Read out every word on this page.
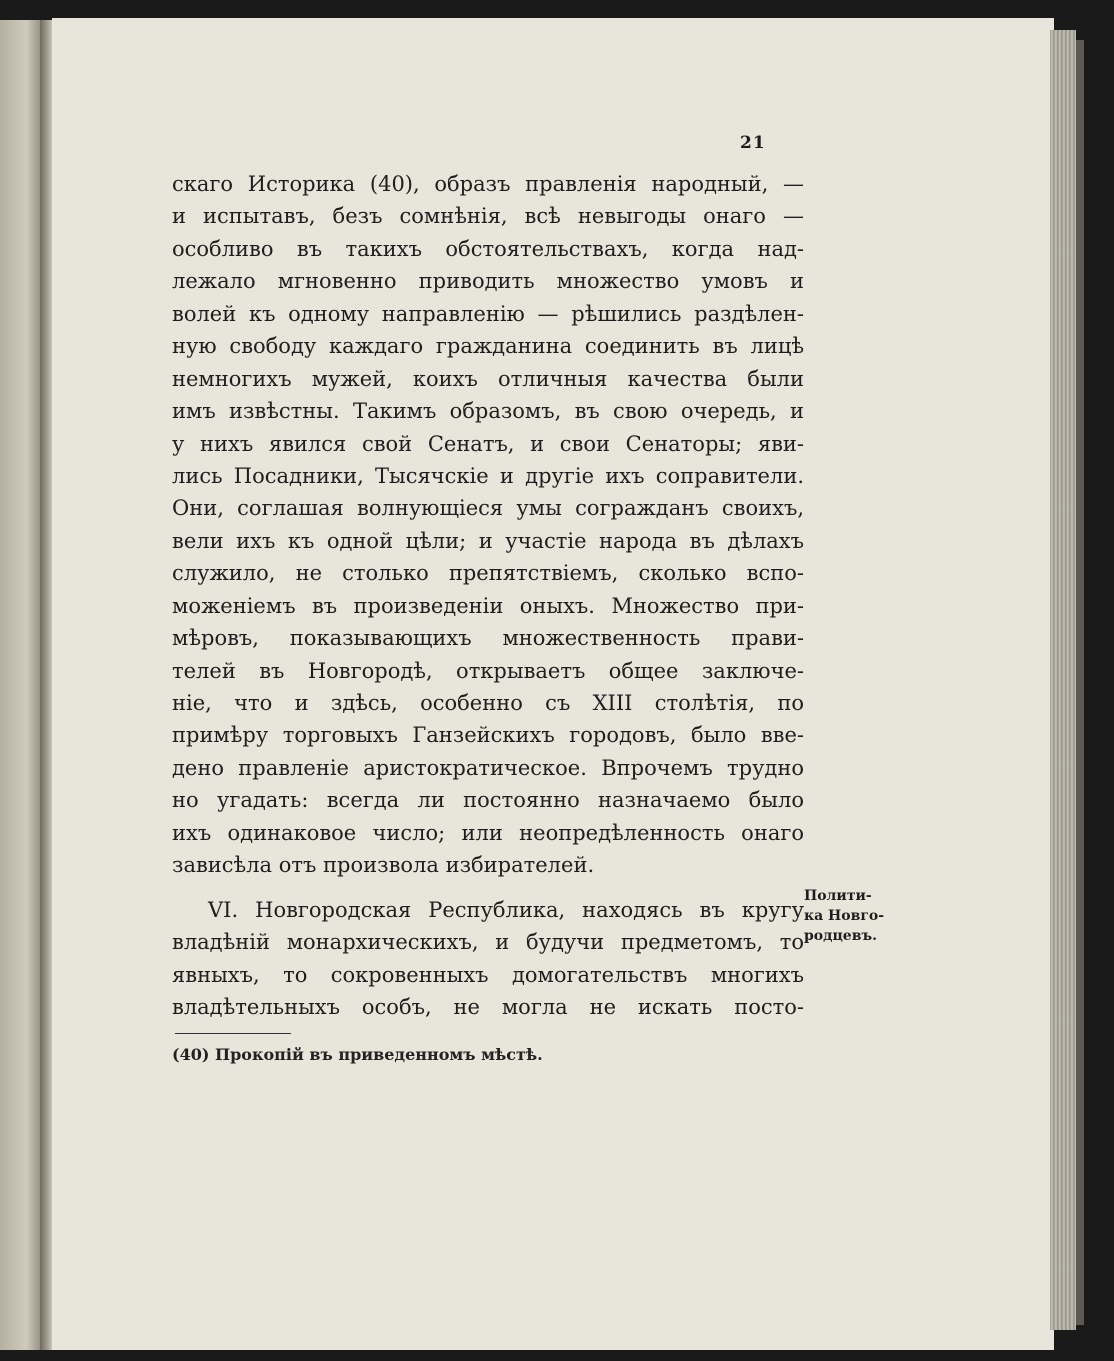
21
скаго Историка (40), образъ правленія народный, —
и испытавъ, безъ сомнѣнія, всѣ невыгоды онаго —
особливо въ такихъ обстоятельствахъ, когда над-
лежало мгновенно приводить множество умовъ и
волей къ одному направленію — рѣшились раздѣлен-
ную свободу каждаго гражданина соединить въ лицѣ
немногихъ мужей, коихъ отличныя качества были
имъ извѣстны. Такимъ образомъ, въ свою очередь, и
у нихъ явился свой Сенатъ, и свои Сенаторы; яви-
лись Посадники, Тысячскіе и другіе ихъ соправители.
Они, соглашая волнующіеся умы согражданъ своихъ,
вели ихъ къ одной цѣли; и участіе народа въ дѣлахъ
служило, не столько препятствіемъ, сколько вспо-
моженіемъ въ произведеніи оныхъ. Множество при-
мѣровъ, показывающихъ множественность прави-
телей въ Новгородѣ, открываетъ общее заключе-
ніе, что и здѣсь, особенно съ XIII столѣтія, по
примѣру торговыхъ Ганзейскихъ городовъ, было вве-
дено правленіе аристократическое. Впрочемъ трудно
но угадать: всегда ли постоянно назначаемо было
ихъ одинаковое число; или неопредѣленность онаго
зависѣла отъ произвола избирателей.
VI. Новгородская Республика, находясь въ кругу
владѣній монархическихъ, и будучи предметомъ, то
явныхъ, то сокровенныхъ домогательствъ многихъ
владѣтельныхъ особъ, не могла не искать посто-
Полити-
ка Новго-
родцевъ.
(40) Прокопій въ приведенномъ мѣстѣ.
